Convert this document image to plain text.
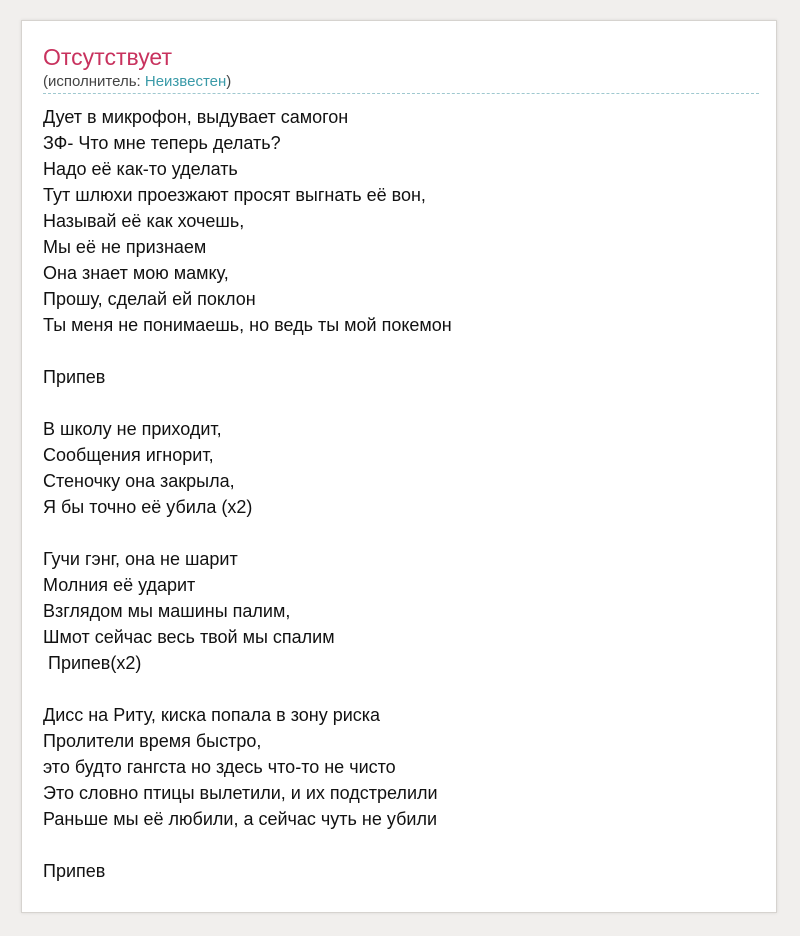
Отсутствует
(исполнитель: Неизвестен)
Дует в микрофон, выдувает самогон
ЗФ- Что мне теперь делать?
Надо её как-то уделать
Тут шлюхи проезжают просят выгнать её вон,
Называй её как хочешь,
Мы её не признаем
Она знает мою мамку,
Прошу, сделай ей поклон
Ты меня не понимаешь, но ведь ты мой покемон
Припев
В школу не приходит,
Сообщения игнорит,
Стеночку она закрыла,
Я бы точно её убила (x2)
Гучи гэнг, она не шарит
Молния её ударит
Взглядом мы машины палим,
Шмот сейчас весь твой мы спалим
Припев(x2)
Дисс на Риту, киска попала в зону риска
Пролители время быстро,
это будто гангста но здесь что-то не чисто
Это словно птицы вылетили, и их подстрелили
Раньше мы её любили, а сейчас чуть не убили
Припев
